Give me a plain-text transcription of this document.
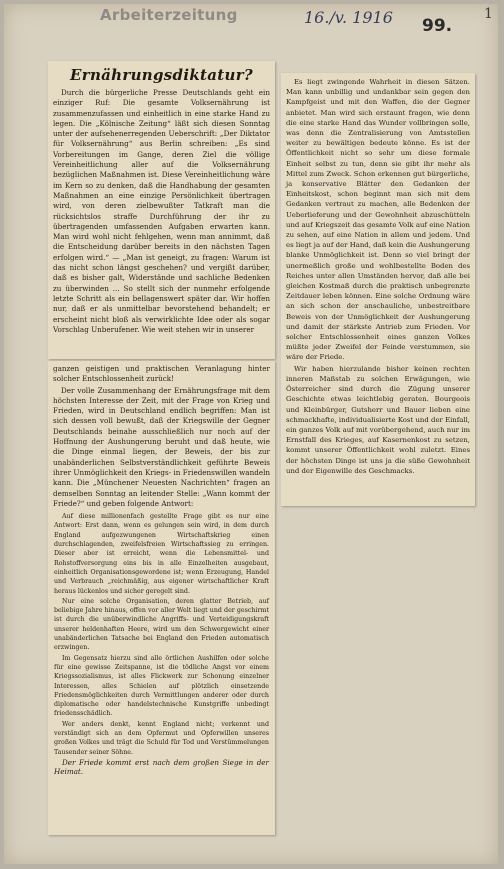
Arbeiterzeitung	16./v. 1916 99.
1
Ernährungsdiktatur?

Durch die bürgerliche Presse Deutschlands geht ein einziger Ruf: Die gesamte Volksernährung ist zusammenzufassen und einheitlich in eine starke Hand zu legen. Die „Kölnische Zeitung“ läßt sich diesen Sonntag unter der aufsehenerregenden Ueberschrift: „Der Diktator für Volksernährung“ aus Berlin schreiben: „Es sind Vorbereitungen im Gange, deren Ziel die völlige Vereinheitlichung aller auf die Volksernährung bezüglichen Maßnahmen ist. Diese Vereinheitlichung wäre im Kern so zu denken, daß die Handhabung der gesamten Maßnahmen an eine einzige Persönlichkeit übertragen wird, von deren zielbewußter Tatkraft man die rücksichtslos straffe Durchführung der ihr zu übertragenden umfassenden Aufgaben erwarten kann. Man wird wohl nicht fehlgehen, wenn man annimmt, daß die Entscheidung darüber bereits in den nächsten Tagen erfolgen wird.“ — „Man ist geneigt, zu fragen: Warum ist das nicht schon längst geschehen? und vergißt darüber, daß es bisher galt, Widerstände und sachliche Bedenken zu überwinden ... So stellt sich der nunmehr erfolgende letzte Schritt als ein bellagenswert später dar. Wir hoffen nur, daß er als unmittelbar bevorstehend behandelt; er erscheint nicht bloß als verwirklichte Idee oder als sogar Vorschlag Unberufener. Wie weit stehen wir in unserer

ganzen geistigen und praktischen Veranlagung hinter solcher Entschlossenheit zurück!

Der volle Zusammenhang der Ernährungsfrage mit dem höchsten Interesse der Zeit, mit der Frage von Krieg und Frieden, wird in Deutschland endlich begriffen: Man ist sich dessen voll bewußt, daß der Kriegswille der Gegner Deutschlands beinahe ausschließlich nur noch auf der Hoffnung der Aushungerung beruht und daß heute, wie die Dinge einmal liegen, der Beweis, der bis zur unabänderlichen Selbstverständlichkeit geführte Beweis ihrer Unmöglichkeit den Kriegs- in Friedenswillen wandeln kann. Die „Münchener Neuesten Nachrichten“ fragen an demselben Sonntag an leitender Stelle: „Wann kommt der Friede?“ und geben folgende Antwort:

Auf diese millionenfach gestellte Frage gibt es nur eine Antwort: Erst dann, wenn es gelungen sein wird, in dem durch England aufgezwungenen Wirtschaftskrieg einen durchschlagenden, zweifelsfreien Wirtschaftssieg zu erringen. Dieser aber ist erreicht, wenn die Lebensmittel- und Rohstoffversorgung eins bis in alle Einzelheiten ausgebaut, einheitlich Organisationsgewordene ist; wenn Erzeugung, Handel und Verbrauch „reichmäßig, aus eigener wirtschaftlicher Kraft heraus lückenlos und sicher geregelt sind.

Nur eine solche Organisation, deren glatter Betrieb, auf beliebige Jahre hinaus, offen vor aller Welt liegt und der geschirmt ist durch die unüberwindliche Angriffs- und Verteidigungskraft unserer heldenhaften Heere, wird um den Schwergewicht einer unabänderlichen Tatsache bei England den Frieden automatisch erzwingen.

Im Gegensatz hierzu sind alle örtlichen Aushilfen oder solche für eine gewisse Zeitspanne, ist die tödliche Angst vor einem Kriegssozialismus, ist alles Flickwerk zur Schonung einzelner Interessen, alles Schielen auf plötzlich einsetzende Friedensmöglichkeiten durch Vermittlungen anderer oder durch diplomatische oder handelstechnische Kunstgriffe unbedingt friedensschädlich.

Wer anders denkt, kennt England nicht; verkennt und verständigt sich an dem Opfermut und Opferwillen unseres großen Volkes und trägt die Schuld für Tod und Verstümmelungen Tausender seiner Söhne.

Der Friede kommt erst nach dem großen Siege in der Heimat.

Es liegt zwingende Wahrheit in diesen Sätzen. Man kann unbillig und undankbar sein gegen den Kampfgeist und mit den Waffen, die der Gegner anbietet. Man wird sich erstaunt fragen, wie denn die eine starke Hand das Wunder vollbringen solle, was denn die Zentralisierung von Amtsstellen weiter zu bewältigen bedeute könne. Es ist der Öffentlichkeit nicht so sehr um diese formale Einheit selbst zu tun, denn sie gibt ihr mehr als Mittel zum Zweck. Schon erkennen gut bürgerliche, ja konservative Blätter den Gedanken der Einheitskost, schon beginnt man sich mit dem Gedanken vertraut zu machen, alle Bedenken der Ueberlieferung und der Gewohnheit abzuschütteln und auf Kriegszeit das gesamte Volk auf eine Nation zu sehen, auf eine Nation in allem und jedem. Und es liegt ja auf der Hand, daß kein die Aushungerung blanke Unmöglichkeit ist. Denn so viel bringt der unermeßlich große und wohlbestellte Boden des Reiches unter allen Umständen hervor, daß alle bei gleichen Kostmaß durch die praktisch unbegrenzte Zeitdauer leben können. Eine solche Ordnung wäre an sich schon der anschauliche, unbestreitbare Beweis von der Unmöglichkeit der Aushungerung und damit der stärkste Antrieb zum Frieden. Vor solcher Entschlossenheit eines ganzen Volkes müßte jeder Zweifel der Feinde verstummen, sie wäre der Friede.

Wir haben hierzulande bisher keinen rechten inneren Maßstab zu solchen Erwägungen, wie Österreicher sind durch die Zügung unserer Geschichte etwas leichtlebig geraten. Bourgeois und Kleinbürger, Gutsherr und Bauer lieben eine schmackhafte, individualisierte Kost und der Einfall, ein ganzes Volk auf mit vorübergehend, auch nur im Ernstfall des Krieges, auf Kasernenkost zu setzen, kommt unserer Öffentlichkeit wohl zuletzt. Eines der höchsten Dinge ist uns ja die süße Gewohnheit und der Eigenwille des Geschmacks.
